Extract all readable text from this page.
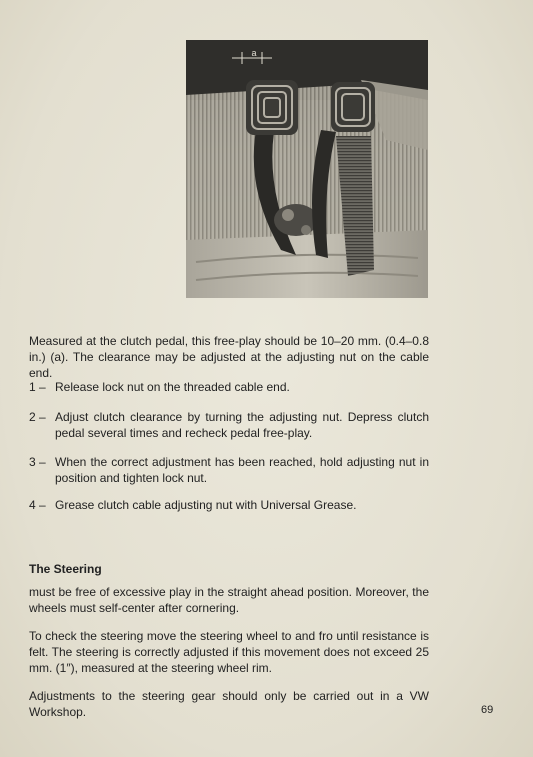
a

Measured at the clutch pedal, this free-play should be 10–20 mm. (0.4–0.8 in.) (a). The clearance may be adjusted at the adjusting nut on the cable end.

1 – Release lock nut on the threaded cable end.
2 – Adjust clutch clearance by turning the adjusting nut. Depress clutch pedal several times and recheck pedal free-play.
3 – When the correct adjustment has been reached, hold adjusting nut in position and tighten lock nut.
4 – Grease clutch cable adjusting nut with Universal Grease.
The Steering

must be free of excessive play in the straight ahead position. Moreover, the wheels must self-center after cornering.

To check the steering move the steering wheel to and fro until resistance is felt. The steering is correctly adjusted if this movement does not exceed 25 mm. (1″), measured at the steering wheel rim.

Adjustments to the steering gear should only be carried out in a VW Workshop.	69
